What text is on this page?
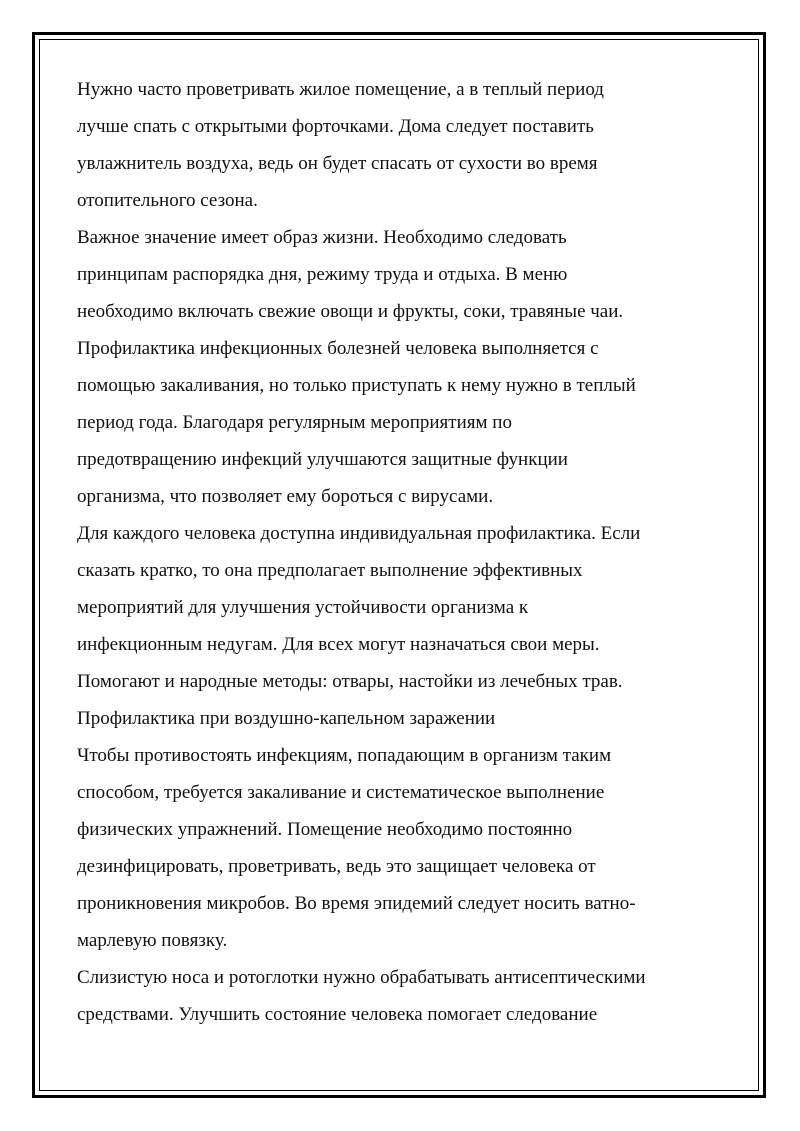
Нужно часто проветривать жилое помещение, а в теплый период
лучше спать с открытыми форточками. Дома следует поставить
увлажнитель воздуха, ведь он будет спасать от сухости во время
отопительного сезона.
Важное значение имеет образ жизни. Необходимо следовать
принципам распорядка дня, режиму труда и отдыха. В меню
необходимо включать свежие овощи и фрукты, соки, травяные чаи.
Профилактика инфекционных болезней человека выполняется с
помощью закаливания, но только приступать к нему нужно в теплый
период года. Благодаря регулярным мероприятиям по
предотвращению инфекций улучшаются защитные функции
организма, что позволяет ему бороться с вирусами.
Для каждого человека доступна индивидуальная профилактика. Если
сказать кратко, то она предполагает выполнение эффективных
мероприятий для улучшения устойчивости организма к
инфекционным недугам. Для всех могут назначаться свои меры.
Помогают и народные методы: отвары, настойки из лечебных трав.
Профилактика при воздушно-капельном заражении
Чтобы противостоять инфекциям, попадающим в организм таким
способом, требуется закаливание и систематическое выполнение
физических упражнений. Помещение необходимо постоянно
дезинфицировать, проветривать, ведь это защищает человека от
проникновения микробов. Во время эпидемий следует носить ватно-
марлевую повязку.
Слизистую носа и ротоглотки нужно обрабатывать антисептическими
средствами. Улучшить состояние человека помогает следование
